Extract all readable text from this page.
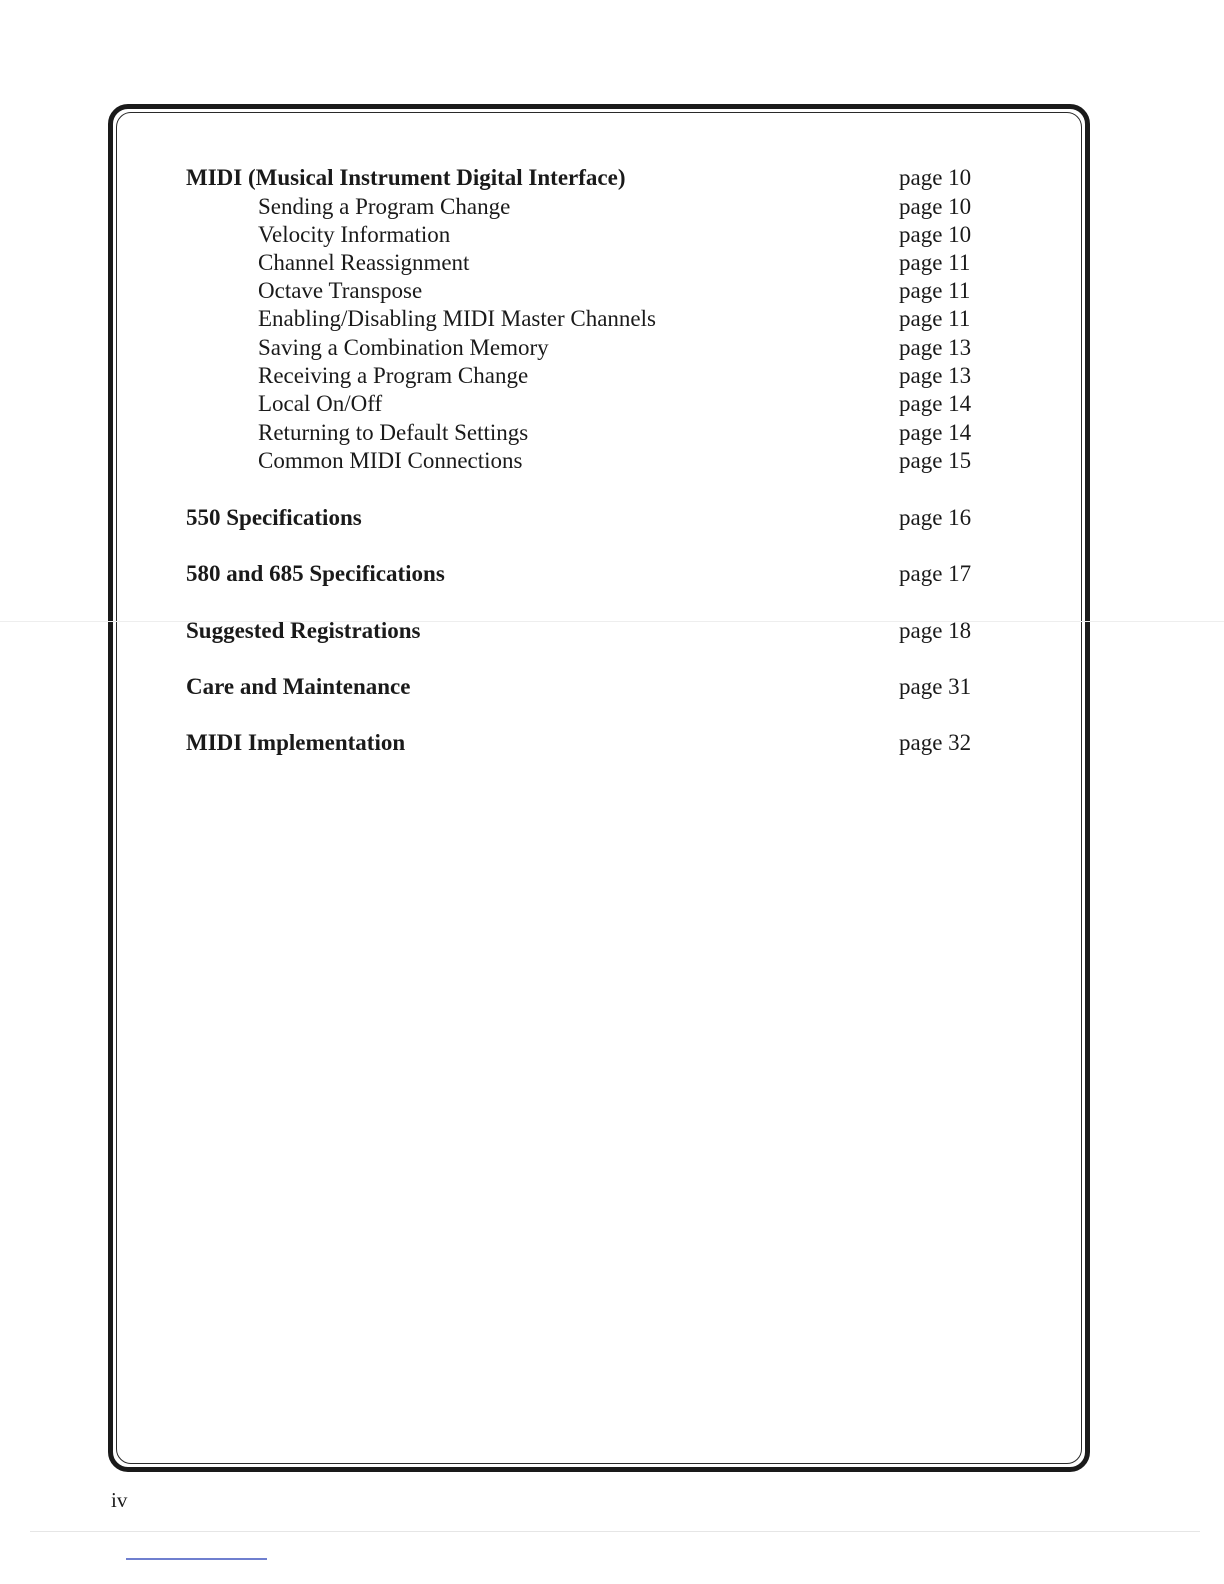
MIDI (Musical Instrument Digital Interface)	page 10
Sending a Program Change	page 10
Velocity Information	page 10
Channel Reassignment	page 11
Octave Transpose	page 11
Enabling/Disabling MIDI Master Channels	page 11
Saving a Combination Memory	page 13
Receiving a Program Change	page 13
Local On/Off	page 14
Returning to Default Settings	page 14
Common MIDI Connections	page 15
550 Specifications	page 16
580 and 685 Specifications	page 17
Suggested Registrations	page 18
Care and Maintenance	page 31
MIDI Implementation	page 32
iv
